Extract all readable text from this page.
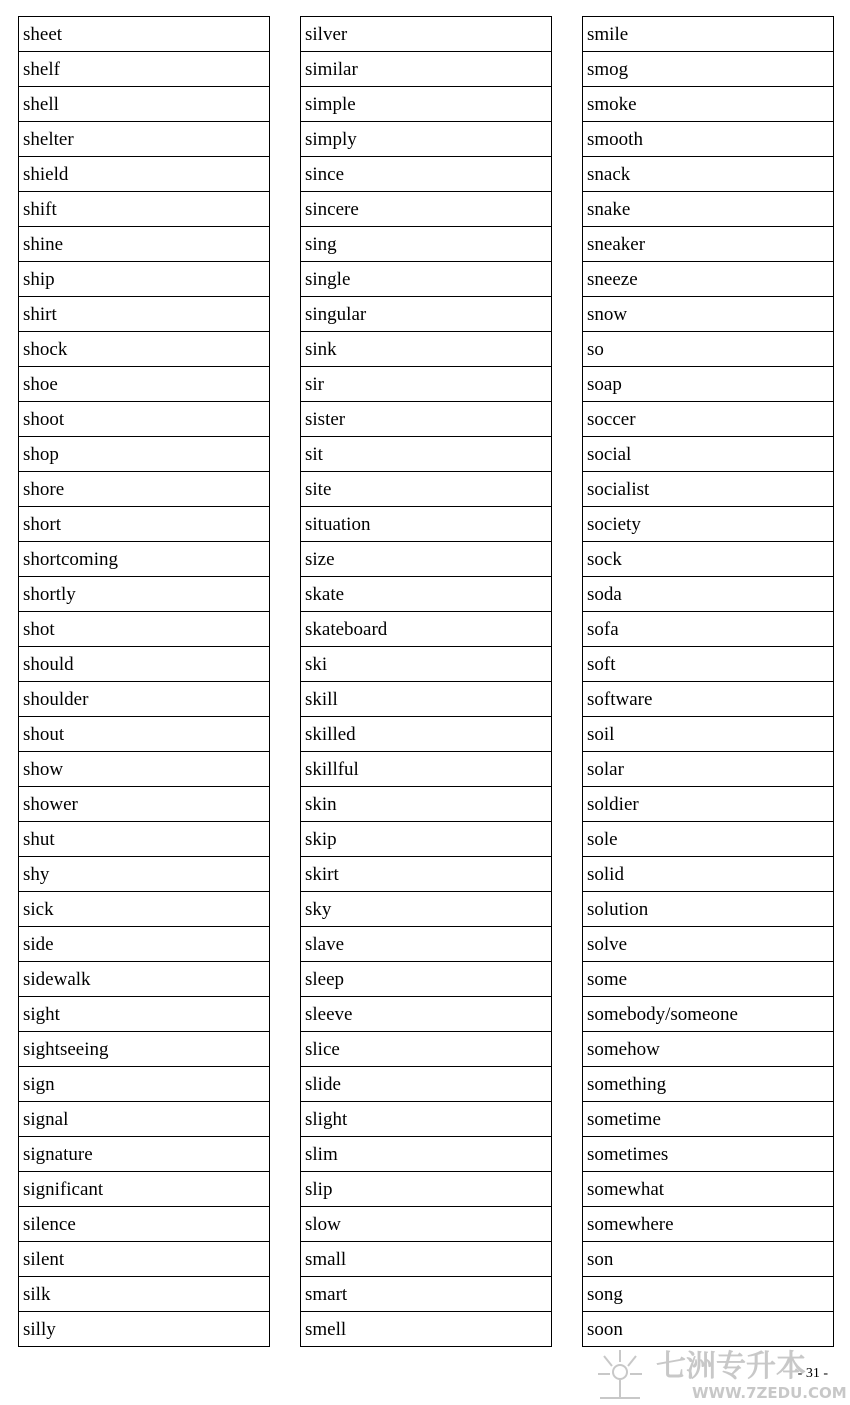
sheet
shelf
shell
shelter
shield
shift
shine
ship
shirt
shock
shoe
shoot
shop
shore
short
shortcoming
shortly
shot
should
shoulder
shout
show
shower
shut
shy
sick
side
sidewalk
sight
sightseeing
sign
signal
signature
significant
silence
silent
silk
silly
silver
similar
simple
simply
since
sincere
sing
single
singular
sink
sir
sister
sit
site
situation
size
skate
skateboard
ski
skill
skilled
skillful
skin
skip
skirt
sky
slave
sleep
sleeve
slice
slide
slight
slim
slip
slow
small
smart
smell
smile
smog
smoke
smooth
snack
snake
sneaker
sneeze
snow
so
soap
soccer
social
socialist
society
sock
soda
sofa
soft
software
soil
solar
soldier
sole
solid
solution
solve
some
somebody/someone
somehow
something
sometime
sometimes
somewhat
somewhere
son
song
soon
- 31 -
七洲专升本
WWW.7ZEDU.COM
